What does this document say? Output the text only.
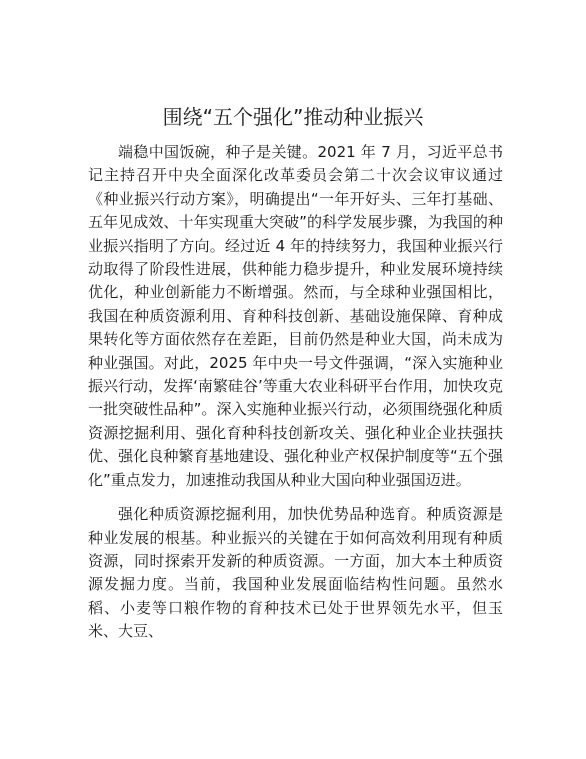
围绕“五个强化”推动种业振兴

端稳中国饭碗，种子是关键。2021 年 7 月，习近平总书记主持召开中央全面深化改革委员会第二十次会议审议通过《种业振兴行动方案》，明确提出“一年开好头、三年打基础、五年见成效、十年实现重大突破”的科学发展步骤，为我国的种业振兴指明了方向。经过近 4 年的持续努力，我国种业振兴行动取得了阶段性进展，供种能力稳步提升，种业发展环境持续优化，种业创新能力不断增强。然而，与全球种业强国相比，我国在种质资源利用、育种科技创新、基础设施保障、育种成果转化等方面依然存在差距，目前仍然是种业大国，尚未成为种业强国。对此，2025 年中央一号文件强调，“深入实施种业振兴行动，发挥‘南繁硅谷’等重大农业科研平台作用，加快攻克一批突破性品种”。深入实施种业振兴行动，必须围绕强化种质资源挖掘利用、强化育种科技创新攻关、强化种业企业扶强扶优、强化良种繁育基地建设、强化种业产权保护制度等“五个强化”重点发力，加速推动我国从种业大国向种业强国迈进。

强化种质资源挖掘利用，加快优势品种选育。种质资源是种业发展的根基。种业振兴的关键在于如何高效利用现有种质资源，同时探索开发新的种质资源。一方面，加大本土种质资源发掘力度。当前，我国种业发展面临结构性问题。虽然水稻、小麦等口粮作物的育种技术已处于世界领先水平，但玉米、大豆、
